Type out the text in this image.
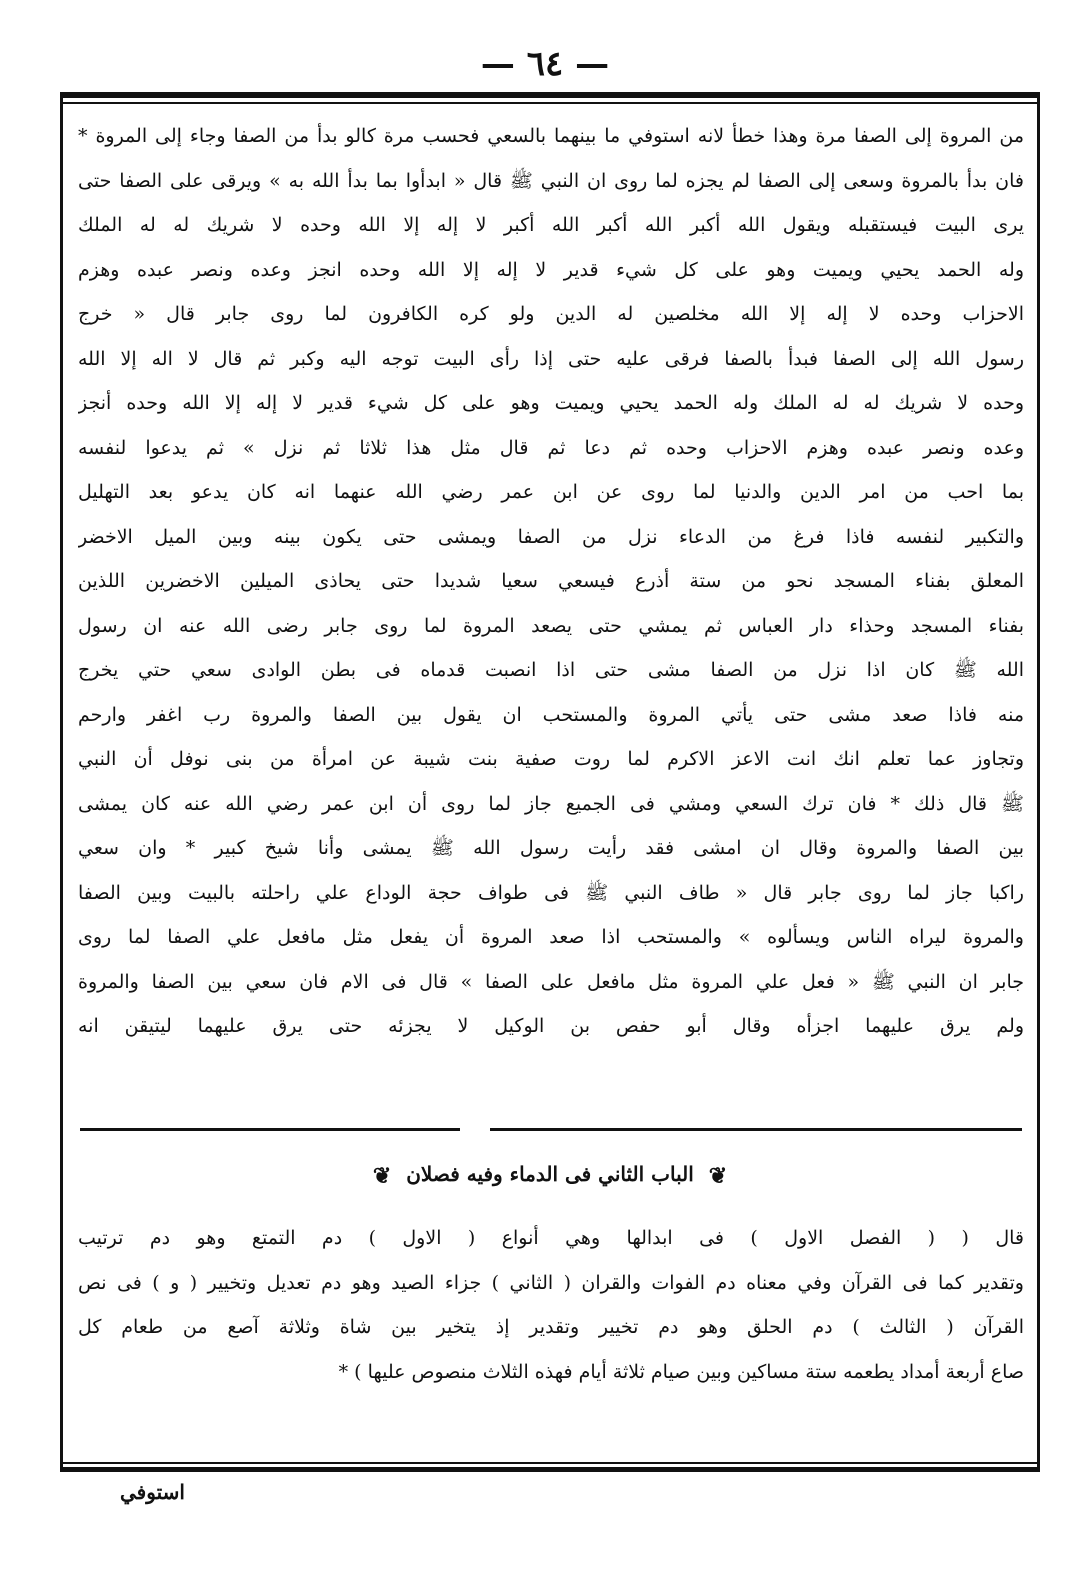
— ٦٤ —
من المروة إلى الصفا مرة وهذا خطأ لانه استوفي ما بينهما بالسعي فحسب مرة كالو بدأ من الصفا وجاء إلى المروة *
فان بدأ بالمروة وسعى إلى الصفا لم يجزه لما روى ان النبي ﷺ قال « ابدأوا بما بدأ الله به » ويرقى على الصفا حتى
يرى البيت فيستقبله ويقول الله أكبر الله أكبر الله أكبر لا إله إلا الله وحده لا شريك له له الملك
وله الحمد يحيي ويميت وهو على كل شيء قدير لا إله إلا الله وحده انجز وعده ونصر عبده وهزم
الاحزاب وحده لا إله إلا الله مخلصين له الدين ولو كره الكافرون لما روى جابر قال « خرج
رسول الله إلى الصفا فبدأ بالصفا فرقى عليه حتى إذا رأى البيت توجه اليه وكبر ثم قال لا اله إلا الله
وحده لا شريك له له الملك وله الحمد يحيي ويميت وهو على كل شيء قدير لا إله إلا الله وحده أنجز
وعده ونصر عبده وهزم الاحزاب وحده ثم دعا ثم قال مثل هذا ثلاثا ثم نزل » ثم يدعوا لنفسه
بما احب من امر الدين والدنيا لما روى عن ابن عمر رضي الله عنهما انه كان يدعو بعد التهليل
والتكبير لنفسه فاذا فرغ من الدعاء نزل من الصفا ويمشى حتى يكون بينه وبين الميل الاخضر
المعلق بفناء المسجد نحو من ستة أذرع فيسعي سعيا شديدا حتى يحاذى الميلين الاخضرين اللذين
بفناء المسجد وحذاء دار العباس ثم يمشي حتى يصعد المروة لما روى جابر رضى الله عنه ان رسول
الله ﷺ كان اذا نزل من الصفا مشى حتى اذا انصبت قدماه فى بطن الوادى سعي حتي يخرج
منه فاذا صعد مشى حتى يأتي المروة والمستحب ان يقول بين الصفا والمروة رب اغفر وارحم
وتجاوز عما تعلم انك انت الاعز الاكرم لما روت صفية بنت شيبة عن امرأة من بنى نوفل أن النبي
ﷺ قال ذلك * فان ترك السعي ومشي فى الجميع جاز لما روى أن ابن عمر رضي الله عنه كان يمشى
بين الصفا والمروة وقال ان امشى فقد رأيت رسول الله ﷺ يمشى وأنا شيخ كبير * وان سعي
راكبا جاز لما روى جابر قال « طاف النبي ﷺ فى طواف حجة الوداع علي راحلته بالبيت وبين الصفا
والمروة ليراه الناس ويسألوه » والمستحب اذا صعد المروة أن يفعل مثل مافعل علي الصفا لما روى
جابر ان النبي ﷺ « فعل علي المروة مثل مافعل على الصفا » قال فى الام فان سعي بين الصفا والمروة
ولم يرق عليهما اجزأه وقال أبو حفص بن الوكيل لا يجزئه حتى يرق عليهما ليتيقن انه
❦ الباب الثاني فى الدماء وفيه فصلان ❦
قال ( ( الفصل الاول ) فى ابدالها وهي أنواع ( الاول ) دم التمتع وهو دم ترتيب
وتقدير كما فى القرآن وفي معناه دم الفوات والقران ( الثاني ) جزاء الصيد وهو دم تعديل وتخيير ( و ) فى نص
القرآن ( الثالث ) دم الحلق وهو دم تخيير وتقدير إذ يتخير بين شاة وثلاثة آصع من طعام كل
صاع أربعة أمداد يطعمه ستة مساكين وبين صيام ثلاثة أيام فهذه الثلاث منصوص عليها ) *
استوفي
